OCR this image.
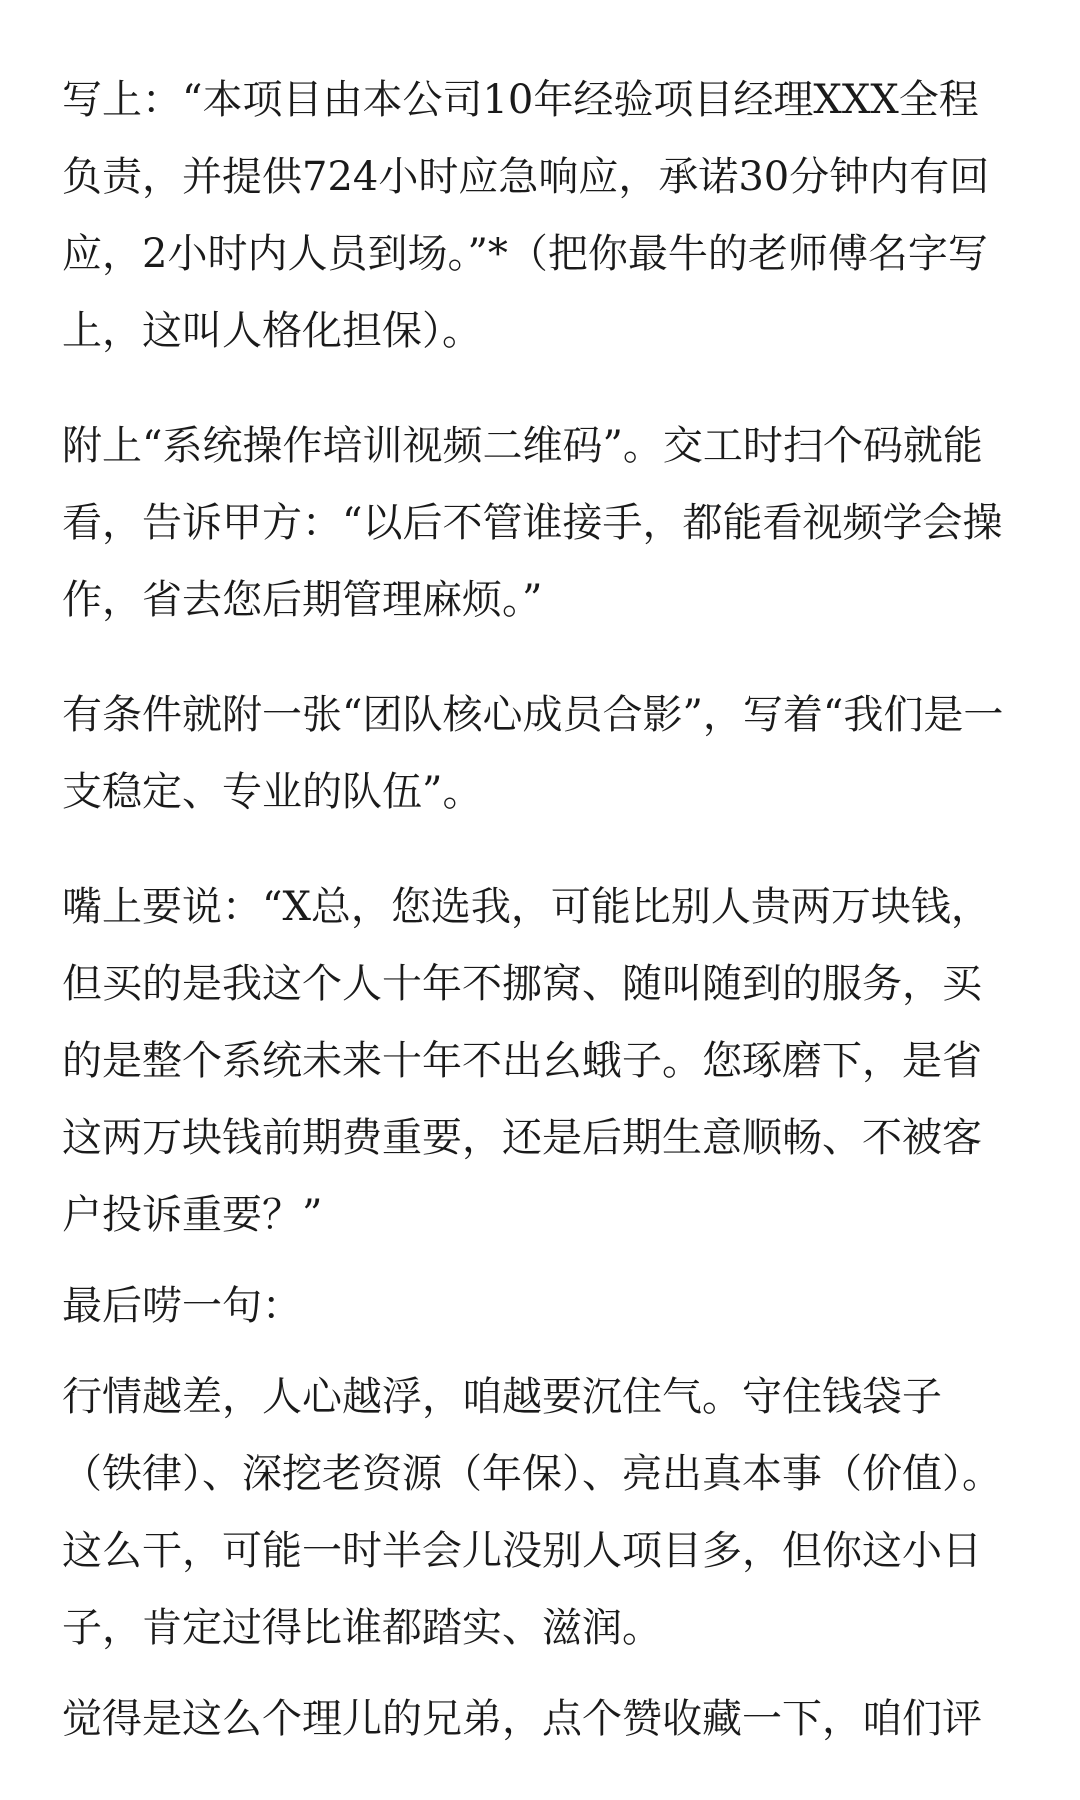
写上：“本项目由本公司10年经验项目经理XXX全程负责，并提供724小时应急响应，承诺30分钟内有回应，2小时内人员到场。”*（把你最牛的老师傅名字写上，这叫人格化担保）。

附上“系统操作培训视频二维码”。交工时扫个码就能看，告诉甲方：“以后不管谁接手，都能看视频学会操作，省去您后期管理麻烦。”

有条件就附一张“团队核心成员合影”，写着“我们是一支稳定、专业的队伍”。

嘴上要说：“X总，您选我，可能比别人贵两万块钱，但买的是我这个人十年不挪窝、随叫随到的服务，买的是整个系统未来十年不出幺蛾子。您琢磨下，是省这两万块钱前期费重要，还是后期生意顺畅、不被客户投诉重要？”

最后唠一句：

行情越差，人心越浮，咱越要沉住气。守住钱袋子（铁律）、深挖老资源（年保）、亮出真本事（价值）。这么干，可能一时半会儿没别人项目多，但你这小日子，肯定过得比谁都踏实、滋润。

觉得是这么个理儿的兄弟，点个赞收藏一下，咱们评
